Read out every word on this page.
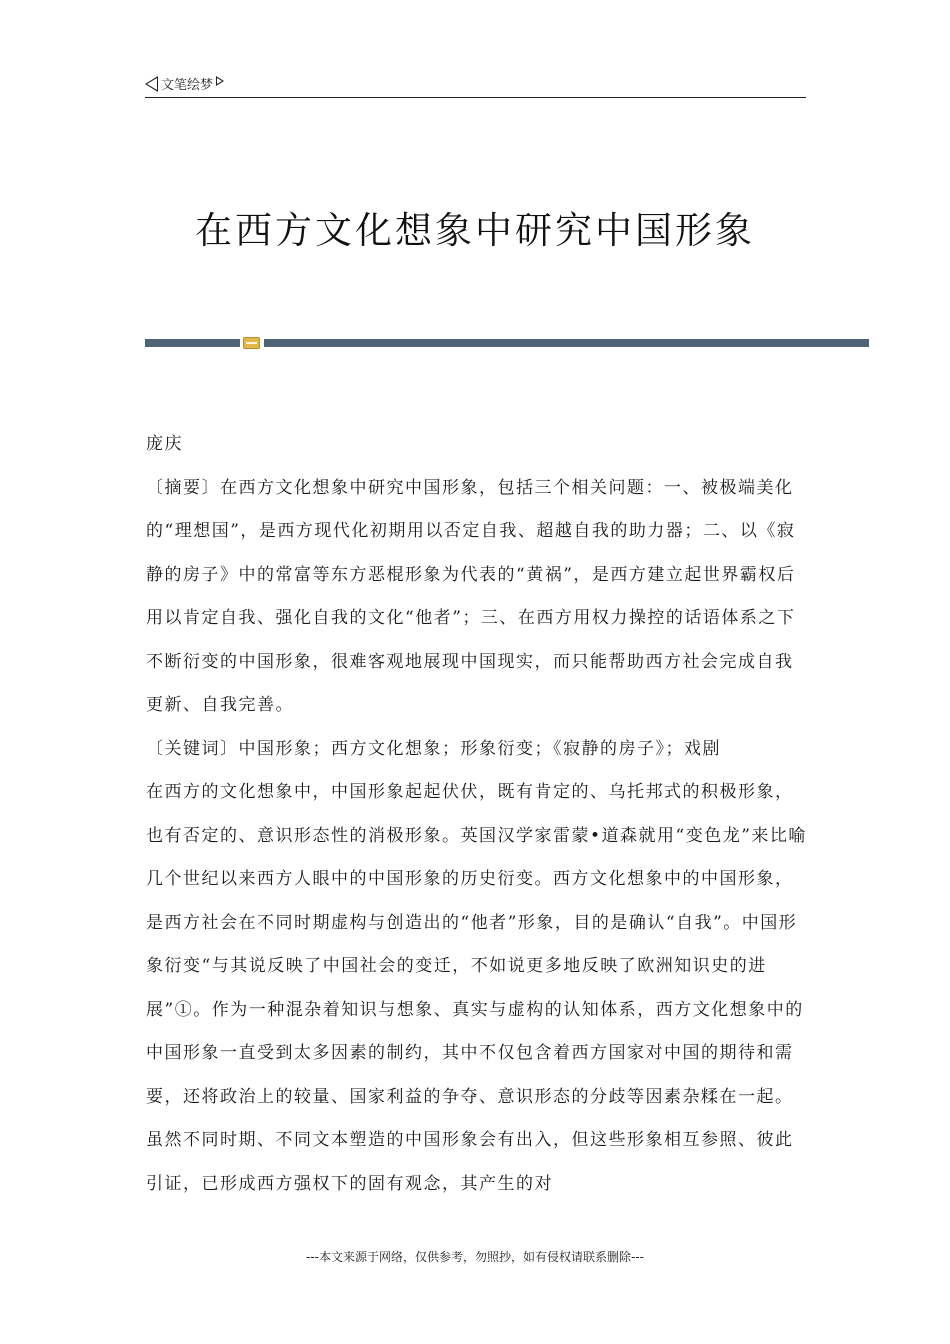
文笔绘梦
在西方文化想象中研究中国形象

庞庆

〔摘要〕在西方文化想象中研究中国形象，包括三个相关问题：一、被极端美化的“理想国”，是西方现代化初期用以否定自我、超越自我的助力器；二、以《寂静的房子》中的常富等东方恶棍形象为代表的“黄祸”，是西方建立起世界霸权后用以肯定自我、强化自我的文化“他者”；三、在西方用权力操控的话语体系之下不断衍变的中国形象，很难客观地展现中国现实，而只能帮助西方社会完成自我更新、自我完善。

〔关键词〕中国形象；西方文化想象；形象衍变；《寂静的房子》；戏剧

在西方的文化想象中，中国形象起起伏伏，既有肯定的、乌托邦式的积极形象，也有否定的、意识形态性的消极形象。英国汉学家雷蒙•道森就用“变色龙”来比喻几个世纪以来西方人眼中的中国形象的历史衍变。西方文化想象中的中国形象，是西方社会在不同时期虚构与创造出的“他者”形象，目的是确认“自我”。中国形象衍变“与其说反映了中国社会的变迁，不如说更多地反映了欧洲知识史的进展”①。作为一种混杂着知识与想象、真实与虚构的认知体系，西方文化想象中的中国形象一直受到太多因素的制约，其中不仅包含着西方国家对中国的期待和需要，还将政治上的较量、国家利益的争夺、意识形态的分歧等因素杂糅在一起。虽然不同时期、不同文本塑造的中国形象会有出入，但这些形象相互参照、彼此引证，已形成西方强权下的固有观念，其产生的对

---本文来源于网络，仅供参考，勿照抄，如有侵权请联系删除---
